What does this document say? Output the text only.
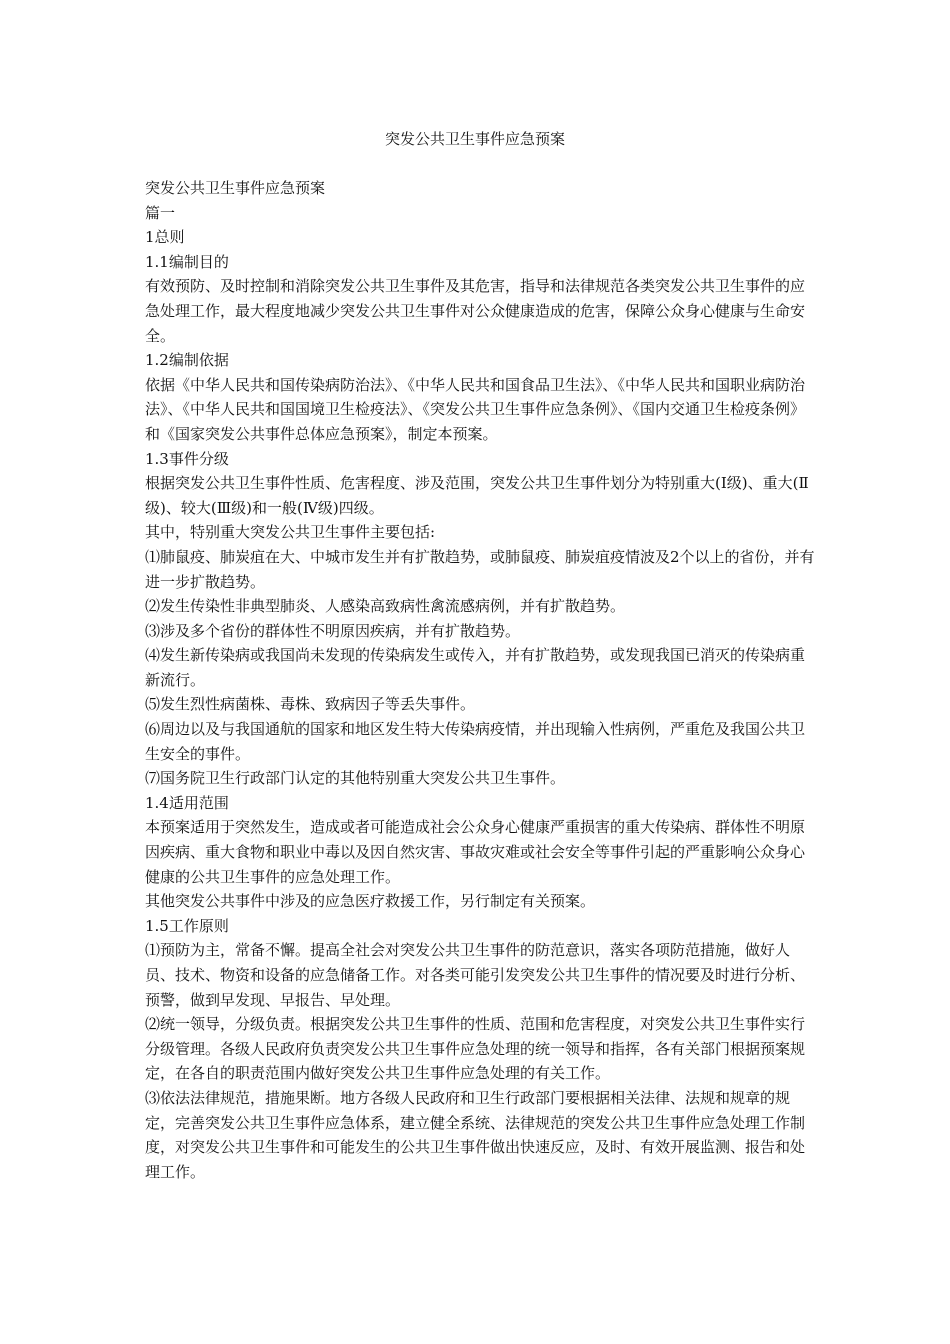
突发公共卫生事件应急预案

突发公共卫生事件应急预案

篇一

1总则

1.1编制目的

有效预防、及时控制和消除突发公共卫生事件及其危害，指导和法律规范各类突发公共卫生事件的应急处理工作，最大程度地减少突发公共卫生事件对公众健康造成的危害，保障公众身心健康与生命安全。

1.2编制依据

依据《中华人民共和国传染病防治法》、《中华人民共和国食品卫生法》、《中华人民共和国职业病防治法》、《中华人民共和国国境卫生检疫法》、《突发公共卫生事件应急条例》、《国内交通卫生检疫条例》和《国家突发公共事件总体应急预案》，制定本预案。

1.3事件分级

根据突发公共卫生事件性质、危害程度、涉及范围，突发公共卫生事件划分为特别重大(Ⅰ级)、重大(Ⅱ级)、较大(Ⅲ级)和一般(Ⅳ级)四级。

其中，特别重大突发公共卫生事件主要包括:

⑴肺鼠疫、肺炭疽在大、中城市发生并有扩散趋势，或肺鼠疫、肺炭疽疫情波及2个以上的省份，并有进一步扩散趋势。

⑵发生传染性非典型肺炎、人感染高致病性禽流感病例，并有扩散趋势。

⑶涉及多个省份的群体性不明原因疾病，并有扩散趋势。

⑷发生新传染病或我国尚未发现的传染病发生或传入，并有扩散趋势，或发现我国已消灭的传染病重新流行。

⑸发生烈性病菌株、毒株、致病因子等丢失事件。

⑹周边以及与我国通航的国家和地区发生特大传染病疫情，并出现输入性病例，严重危及我国公共卫生安全的事件。

⑺国务院卫生行政部门认定的其他特别重大突发公共卫生事件。

1.4适用范围

本预案适用于突然发生，造成或者可能造成社会公众身心健康严重损害的重大传染病、群体性不明原因疾病、重大食物和职业中毒以及因自然灾害、事故灾难或社会安全等事件引起的严重影响公众身心健康的公共卫生事件的应急处理工作。

其他突发公共事件中涉及的应急医疗救援工作，另行制定有关预案。

1.5工作原则

⑴预防为主，常备不懈。提高全社会对突发公共卫生事件的防范意识，落实各项防范措施，做好人员、技术、物资和设备的应急储备工作。对各类可能引发突发公共卫生事件的情况要及时进行分析、预警，做到早发现、早报告、早处理。

⑵统一领导，分级负责。根据突发公共卫生事件的性质、范围和危害程度，对突发公共卫生事件实行分级管理。各级人民政府负责突发公共卫生事件应急处理的统一领导和指挥，各有关部门根据预案规定，在各自的职责范围内做好突发公共卫生事件应急处理的有关工作。

⑶依法法律规范，措施果断。地方各级人民政府和卫生行政部门要根据相关法律、法规和规章的规定，完善突发公共卫生事件应急体系，建立健全系统、法律规范的突发公共卫生事件应急处理工作制度，对突发公共卫生事件和可能发生的公共卫生事件做出快速反应，及时、有效开展监测、报告和处理工作。
